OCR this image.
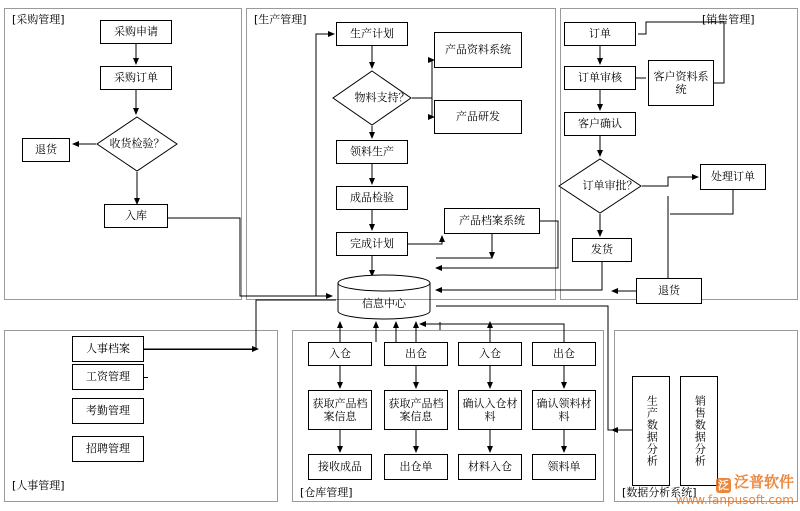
[采购管理]	[生产管理]	[销售管理]
[人事管理]
[仓库管理]	[数据分析系统]
采购申请
采购订单
收货检验？
退货
入库
生产计划
物料支持？
领料生产
成品检验
完成计划
产品资料系统
产品研发
产品档案系统
订单
订单审核
客户确认
订单审批？
发货
客户资料系统
处理订单
退货
人事档案
工资管理
考勤管理
招聘管理
入仓	出仓	入仓	出仓
获取产品档案信息
获取产品档案信息
确认入仓材料
确认领料材料
接收成品	出仓单	材料入仓	领料单	生产数据分析	销售数据分析
信息中心
泛 泛普软件
www.fanpusoft.com
